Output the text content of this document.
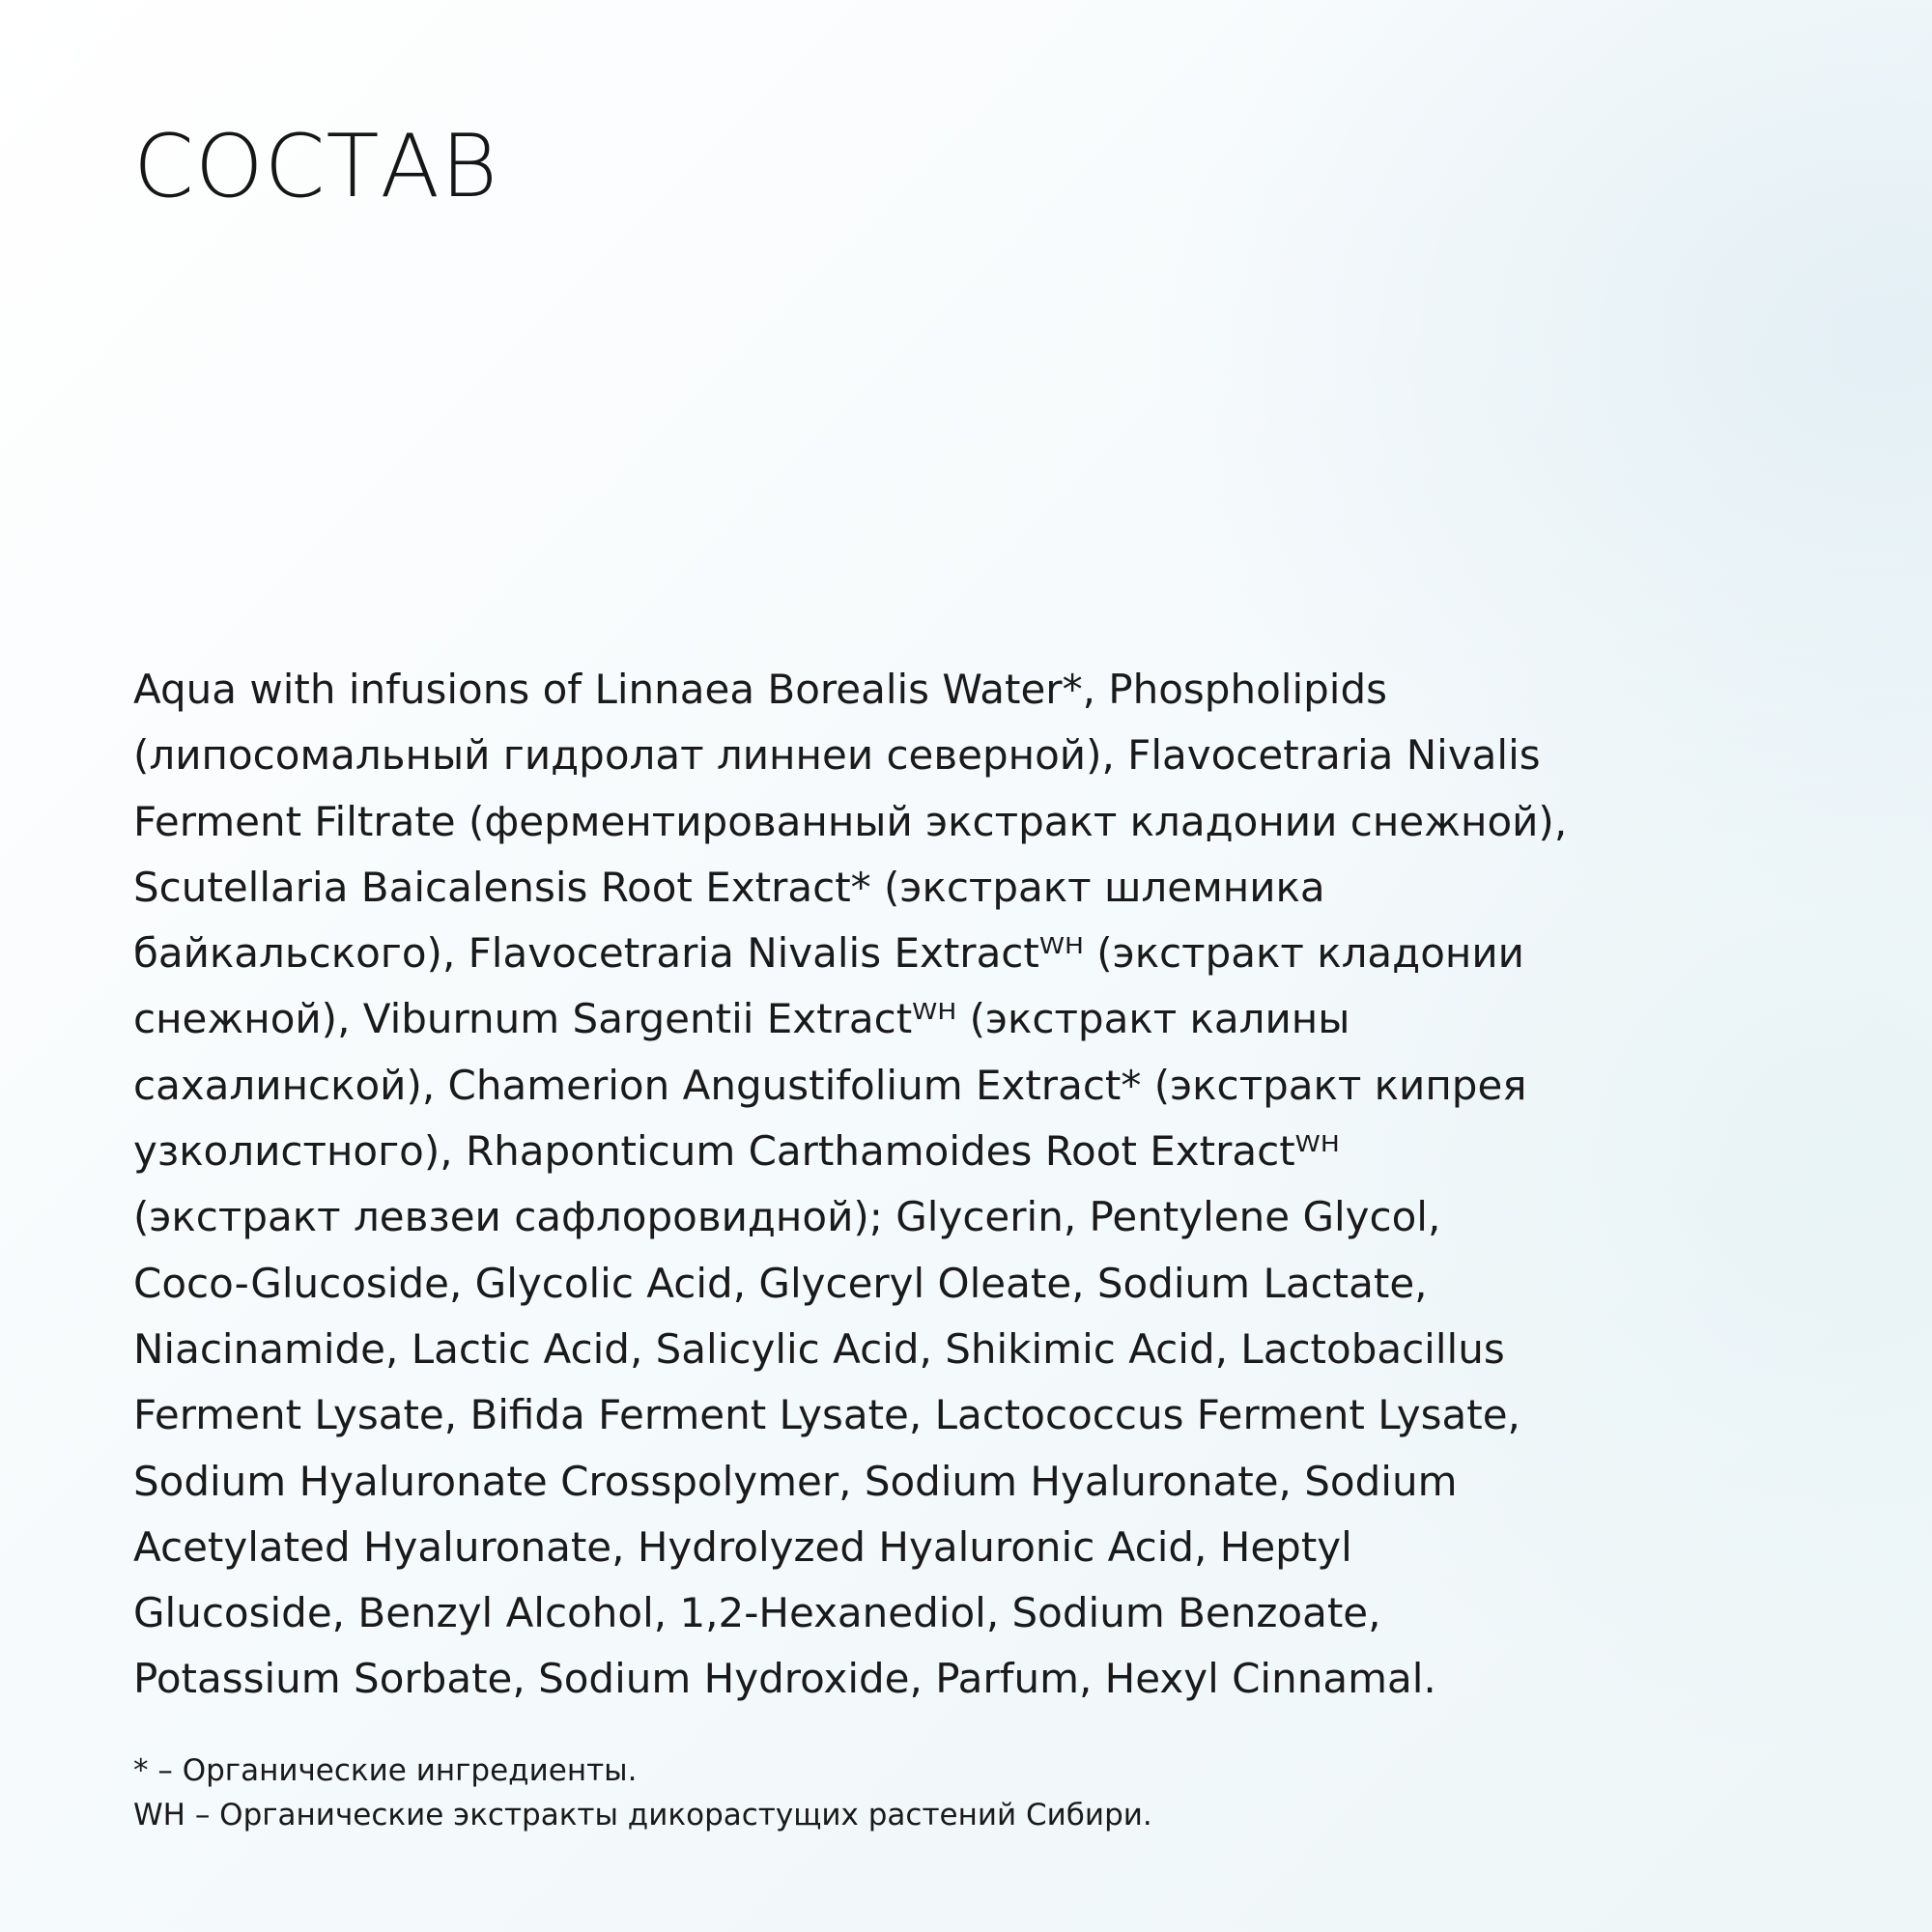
СОСТАВ

Aqua with infusions of Linnaea Borealis Water*, Phospholipids
(липосомальный гидролат линнеи северной), Flavocetraria Nivalis
Ferment Filtrate (ферментированный экстракт кладонии снежной),
Scutellaria Baicalensis Root Extract* (экстракт шлемника
байкальского), Flavocetraria Nivalis Extractᵂᴴ (экстракт кладонии
снежной), Viburnum Sargentii Extractᵂᴴ (экстракт калины
сахалинской), Chamerion Angustifolium Extract* (экстракт кипрея
узколистного), Rhaponticum Carthamoides Root Extractᵂᴴ
(экстракт левзеи сафлоровидной); Glycerin, Pentylene Glycol,
Coco-Glucoside, Glycolic Acid, Glyceryl Oleate, Sodium Lactate,
Niacinamide, Lactic Acid, Salicylic Acid, Shikimic Acid, Lactobacillus
Ferment Lysate, Bifida Ferment Lysate, Lactococcus Ferment Lysate,
Sodium Hyaluronate Crosspolymer, Sodium Hyaluronate, Sodium
Acetylated Hyaluronate, Hydrolyzed Hyaluronic Acid, Heptyl
Glucoside, Benzyl Alcohol, 1,2-Hexanediol, Sodium Benzoate,
Potassium Sorbate, Sodium Hydroxide, Parfum, Hexyl Cinnamal.

* – Органические ингредиенты.
WH – Органические экстракты дикорастущих растений Сибири.
